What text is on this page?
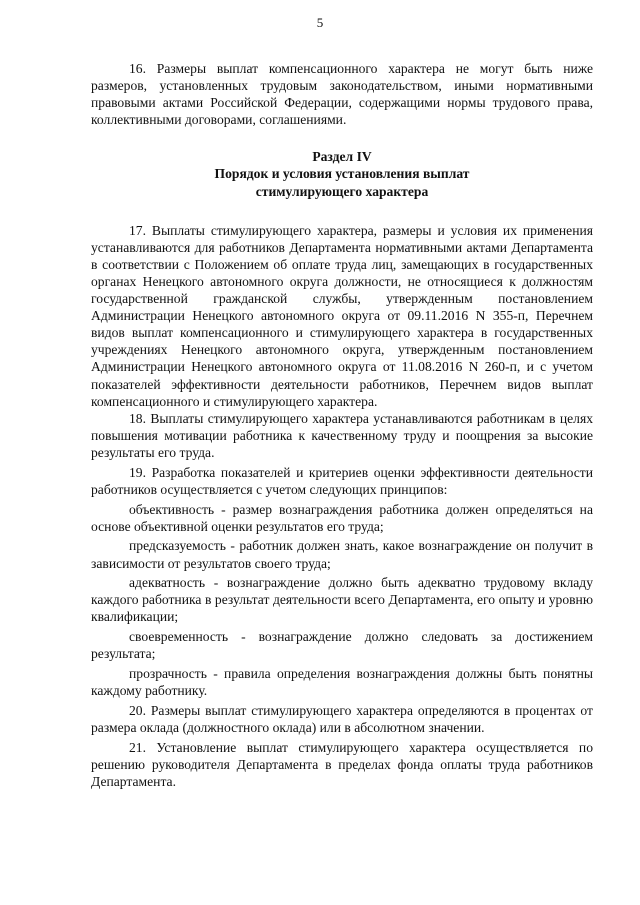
5

16. Размеры выплат компенсационного характера не могут быть ниже размеров, установленных трудовым законодательством, иными нормативными правовыми актами Российской Федерации, содержащими нормы трудового права, коллективными договорами, соглашениями.

Раздел IV
Порядок и условия установления выплат
стимулирующего характера

17. Выплаты стимулирующего характера, размеры и условия их применения устанавливаются для работников Департамента нормативными актами Департамента в соответствии с Положением об оплате труда лиц, замещающих в государственных органах Ненецкого автономного округа должности, не относящиеся к должностям государственной гражданской службы, утвержденным постановлением Администрации Ненецкого автономного округа от 09.11.2016 N 355-п, Перечнем видов выплат компенсационного и стимулирующего характера в государственных учреждениях Ненецкого автономного округа, утвержденным постановлением Администрации Ненецкого автономного округа от 11.08.2016 N 260-п, и с учетом показателей эффективности деятельности работников, Перечнем видов выплат компенсационного и стимулирующего характера.

18. Выплаты стимулирующего характера устанавливаются работникам в целях повышения мотивации работника к качественному труду и поощрения за высокие результаты его труда.

19. Разработка показателей и критериев оценки эффективности деятельности работников осуществляется с учетом следующих принципов:

объективность - размер вознаграждения работника должен определяться на основе объективной оценки результатов его труда;

предсказуемость - работник должен знать, какое вознаграждение он получит в зависимости от результатов своего труда;

адекватность - вознаграждение должно быть адекватно трудовому вкладу каждого работника в результат деятельности всего Департамента, его опыту и уровню квалификации;

своевременность - вознаграждение должно следовать за достижением результата;

прозрачность - правила определения вознаграждения должны быть понятны каждому работнику.

20. Размеры выплат стимулирующего характера определяются в процентах от размера оклада (должностного оклада) или в абсолютном значении.

21. Установление выплат стимулирующего характера осуществляется по решению руководителя Департамента в пределах фонда оплаты труда работников Департамента.
